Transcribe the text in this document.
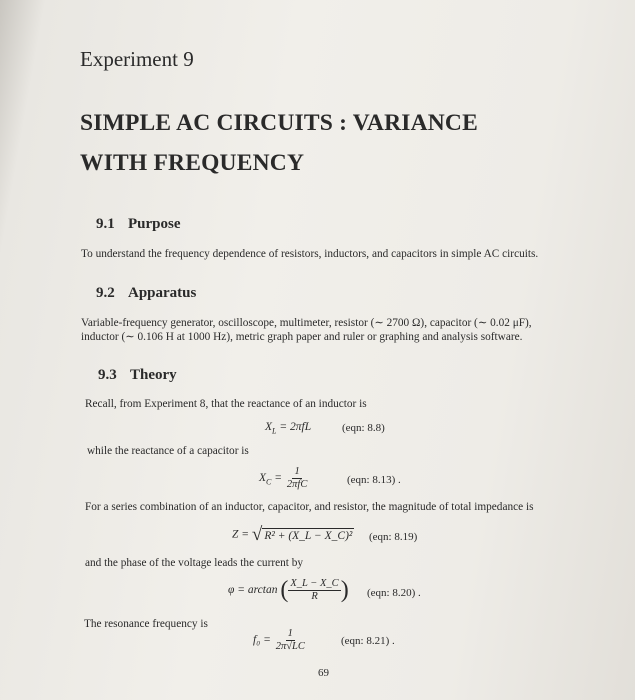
Experiment 9
SIMPLE AC CIRCUITS : VARIANCE
WITH FREQUENCY
9.1 Purpose
To understand the frequency dependence of resistors, inductors, and capacitors in simple AC circuits.
9.2 Apparatus
Variable-frequency generator, oscilloscope, multimeter, resistor (∼ 2700 Ω), capacitor (∼ 0.02 μF),
inductor (∼ 0.106 H at 1000 Hz), metric graph paper and ruler or graphing and analysis software.
9.3 Theory
Recall, from Experiment 8, that the reactance of an inductor is
$X_L = 2\pi fL$	(eqn: 8.8)
while the reactance of a capacitor is
$X_C = \frac{1}{\text{2πfC}}$	(eqn: 8.13) .
For a series combination of an inductor, capacitor, and resistor, the magnitude of total impedance is
Z = √ R² + (X_L − X_C)² (eqn: 8.19)
and the phase of the voltage leads the current by
φ = arctan ( $\frac{X\_L - X\_C}{R}$ ) (eqn: 8.20) .
The resonance frequency is
$f_0 = \frac{1}{2\pi√LC}$	(eqn: 8.21) .
69
